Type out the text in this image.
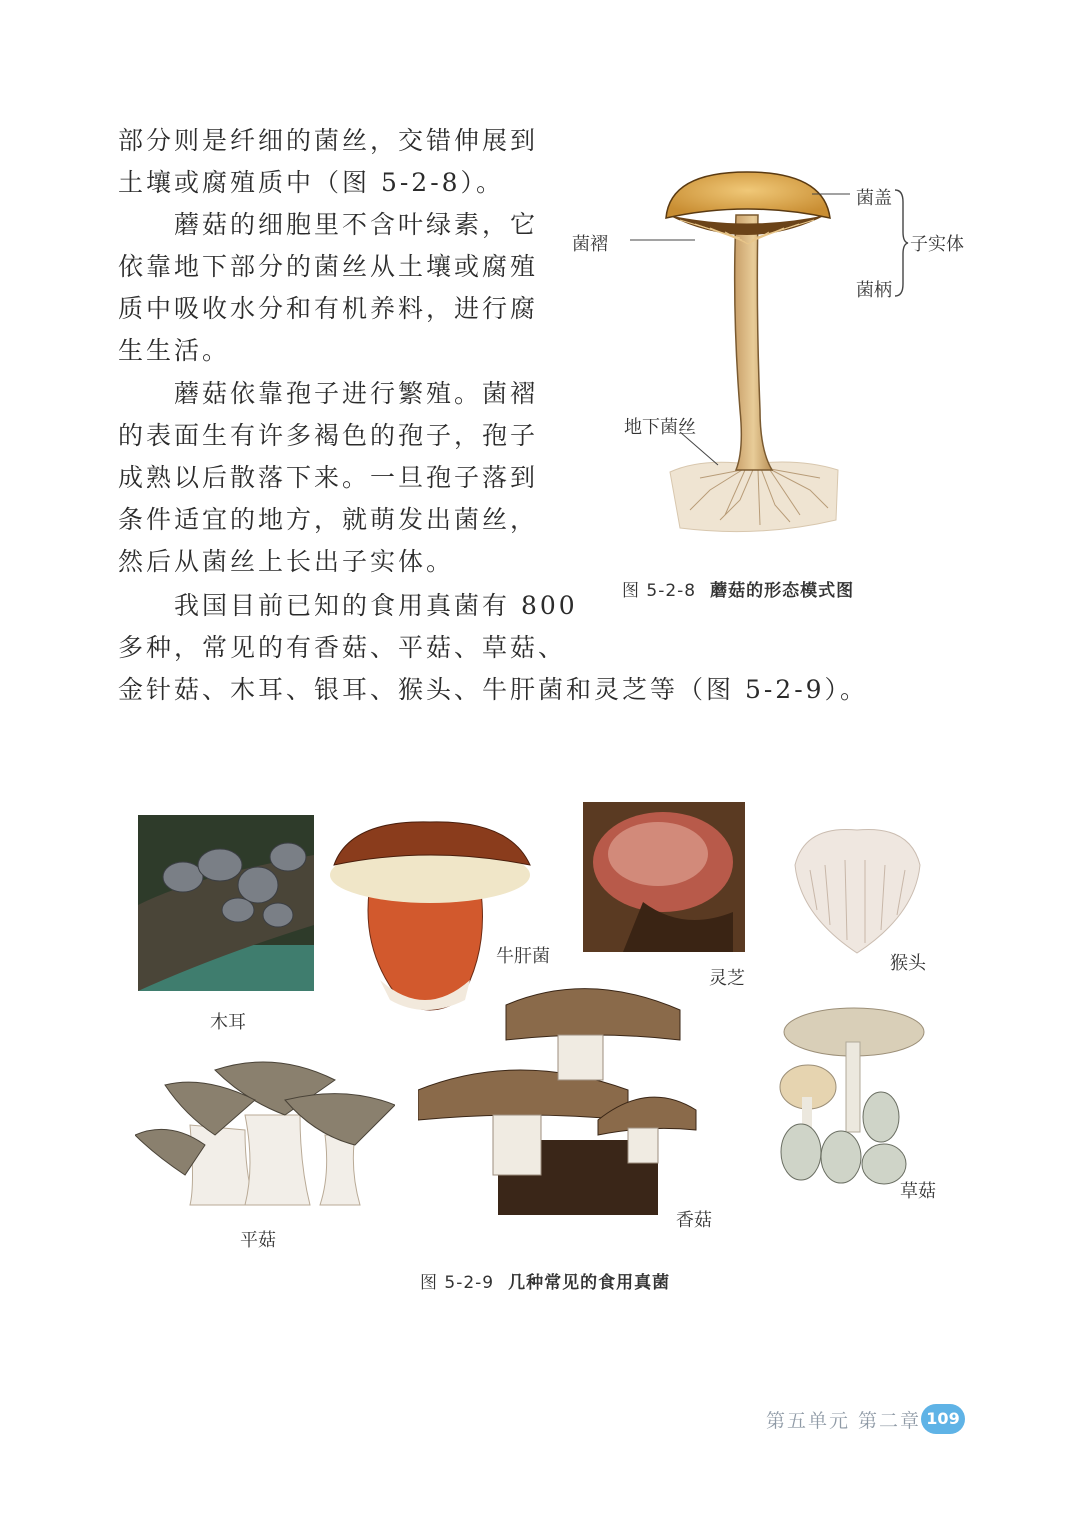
部分则是纤细的菌丝，交错伸展到
土壤或腐殖质中（图 5-2-8）。

　　蘑菇的细胞里不含叶绿素，它
依靠地下部分的菌丝从土壤或腐殖
质中吸收水分和有机养料，进行腐
生生活。

　　蘑菇依靠孢子进行繁殖。菌褶
的表面生有许多褐色的孢子，孢子
成熟以后散落下来。一旦孢子落到
条件适宜的地方，就萌发出菌丝，
然后从菌丝上长出子实体。

　　我国目前已知的食用真菌有 800
多种，常见的有香菇、平菇、草菇、
金针菇、木耳、银耳、猴头、牛肝菌和灵芝等（图 5-2-9）。

菌盖
菌褶
菌柄
子实体
地下菌丝
图 5-2-8 蘑菇的形态模式图
木耳
牛肝菌
灵芝
猴头
香菇
平菇
草菇
图 5-2-9 几种常见的食用真菌
第五单元 第二章 109
